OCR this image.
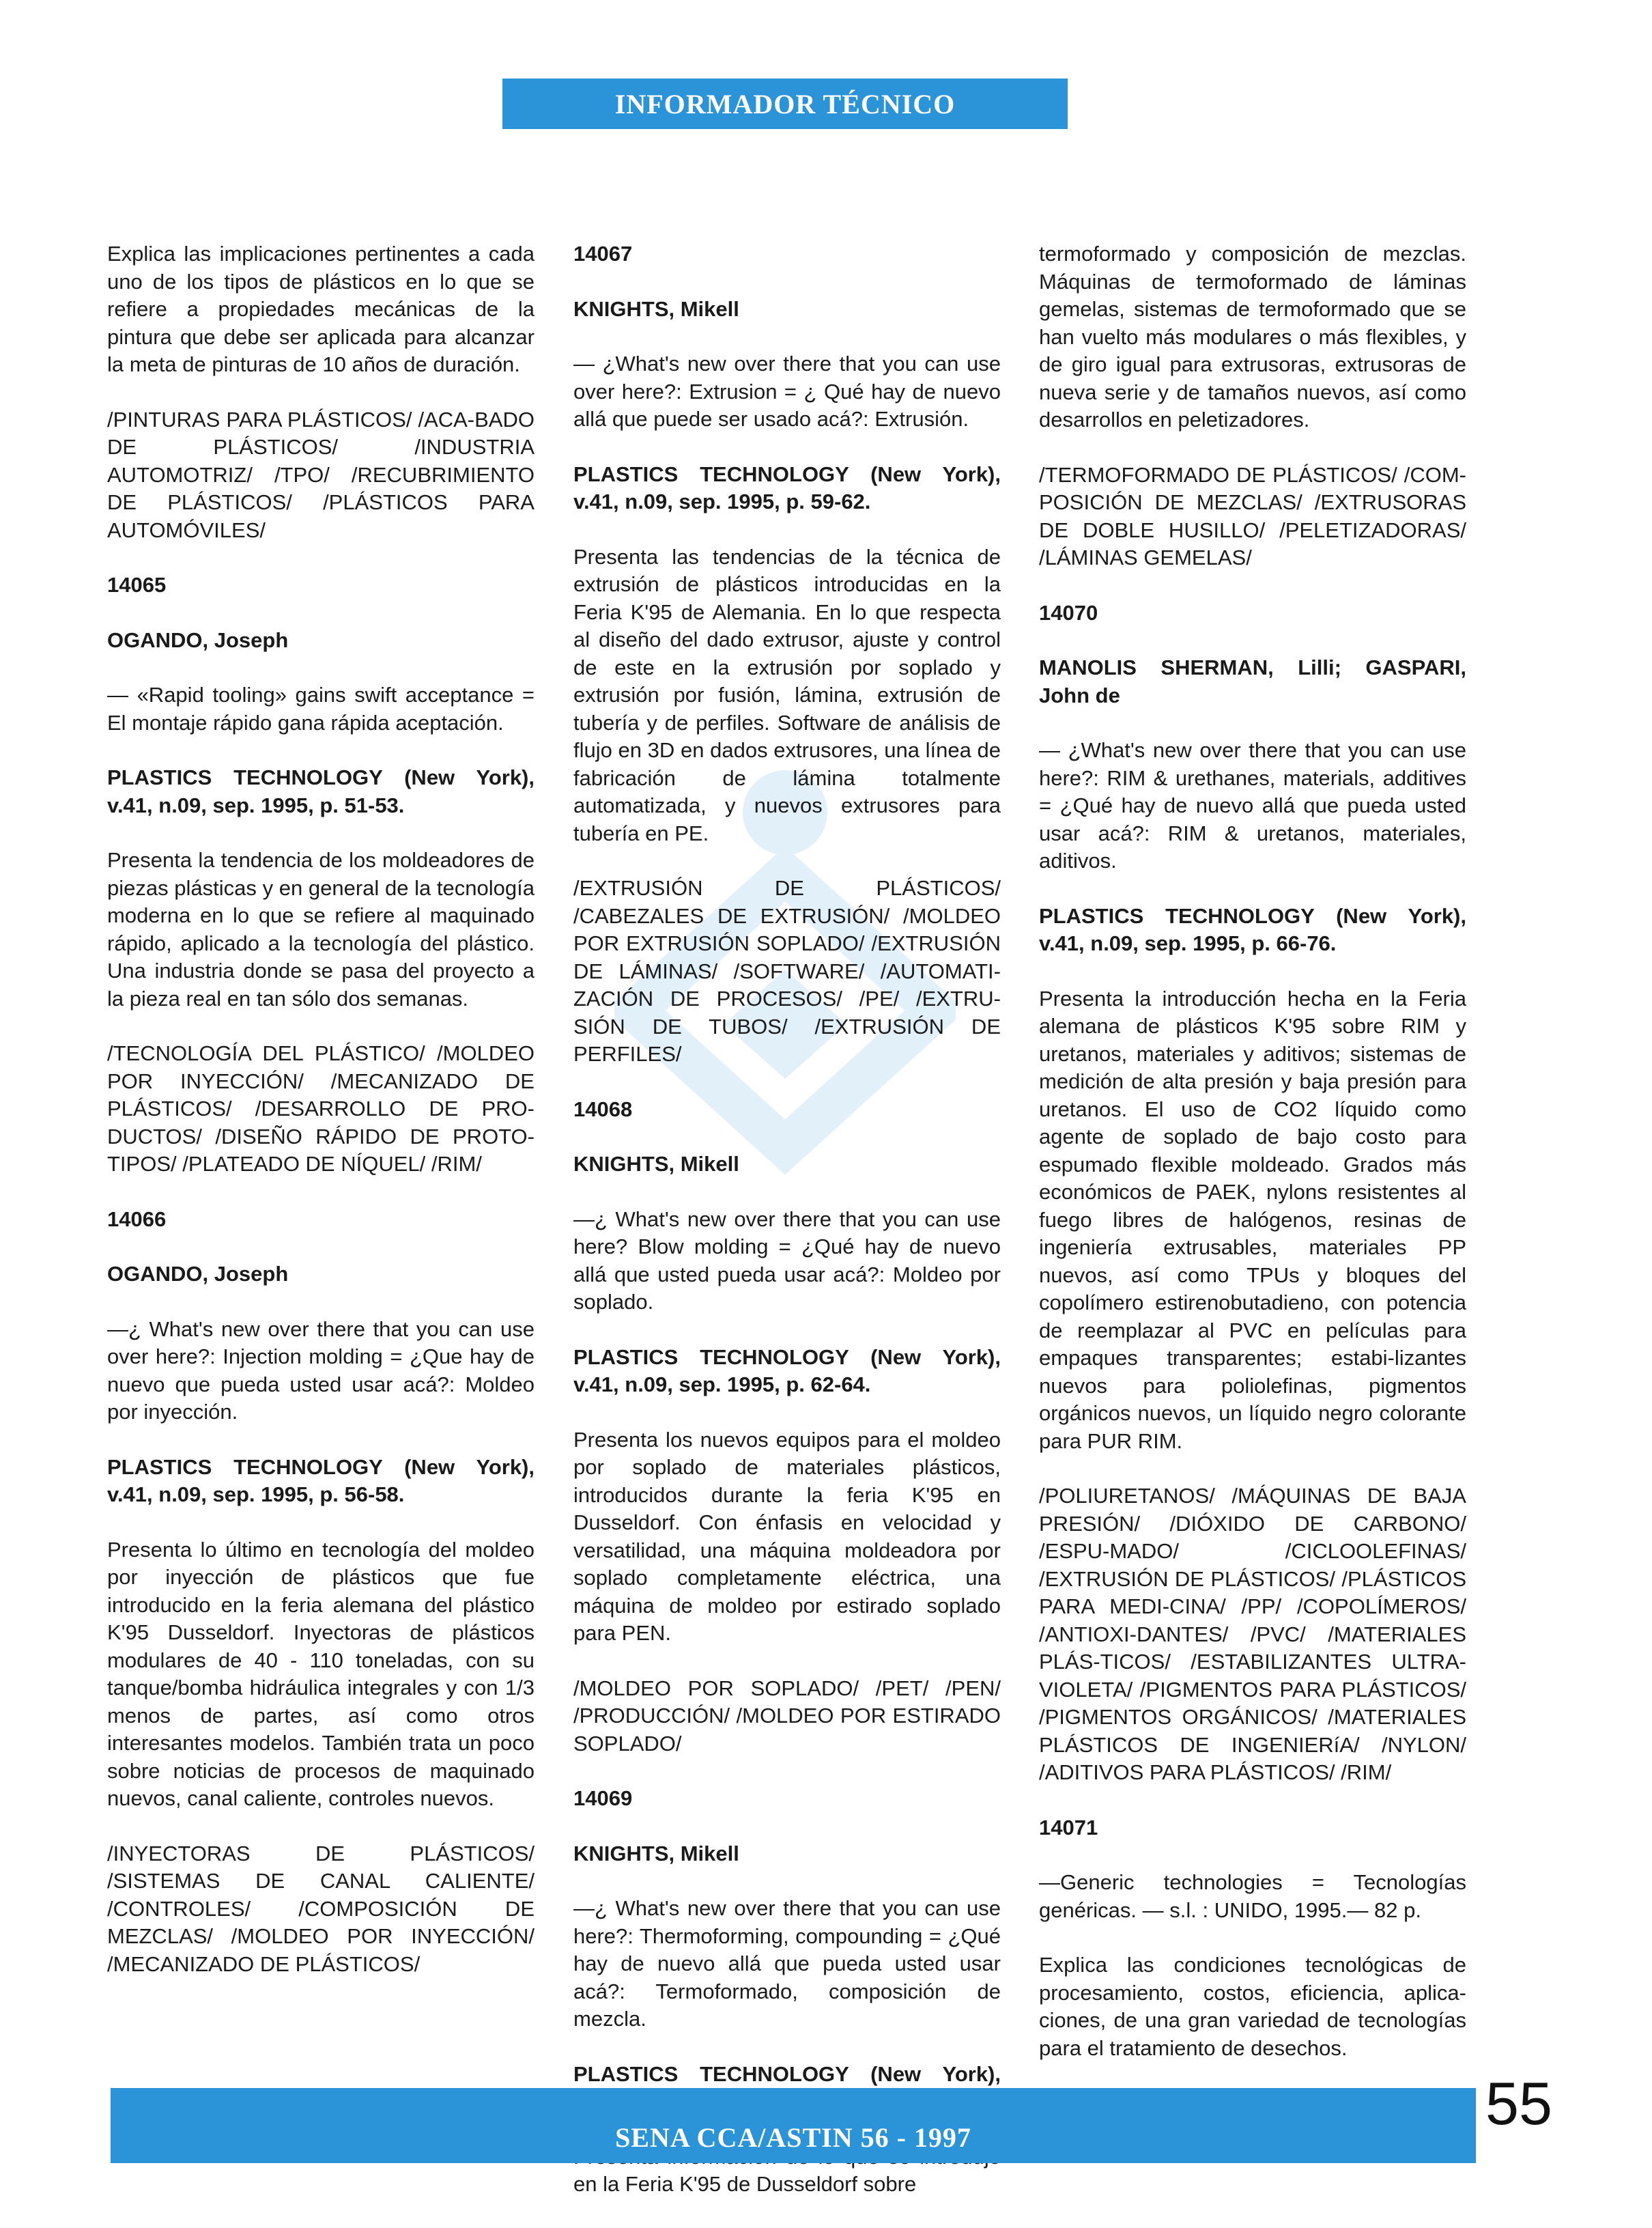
INFORMADOR TÉCNICO

Explica las implicaciones pertinentes a cada uno de los tipos de plásticos en lo que se refiere a propiedades mecánicas de la pintura que debe ser aplicada para alcanzar la meta de pinturas de 10 años de duración.

/PINTURAS PARA PLÁSTICOS/ /ACA-BADO DE PLÁSTICOS/ /INDUSTRIA AUTOMOTRIZ/ /TPO/ /RECUBRIMIENTO DE PLÁSTICOS/ /PLÁSTICOS PARA AUTOMÓVILES/

14065

OGANDO, Joseph

— «Rapid tooling» gains swift acceptance = El montaje rápido gana rápida aceptación.

PLASTICS TECHNOLOGY (New York), v.41, n.09, sep. 1995, p. 51-53.

Presenta la tendencia de los moldeadores de piezas plásticas y en general de la tecnología moderna en lo que se refiere al maquinado rápido, aplicado a la tecnología del plástico. Una industria donde se pasa del proyecto a la pieza real en tan sólo dos semanas.

/TECNOLOGÍA DEL PLÁSTICO/ /MOLDEO POR INYECCIÓN/ /MECANIZADO DE PLÁSTICOS/ /DESARROLLO DE PRO-DUCTOS/ /DISEÑO RÁPIDO DE PROTO-TIPOS/ /PLATEADO DE NÍQUEL/ /RIM/

14066

OGANDO, Joseph

—¿ What's new over there that you can use over here?: Injection molding = ¿Que hay de nuevo que pueda usted usar acá?: Moldeo por inyección.

PLASTICS TECHNOLOGY (New York), v.41, n.09, sep. 1995, p. 56-58.

Presenta lo último en tecnología del moldeo por inyección de plásticos que fue introducido en la feria alemana del plástico K'95 Dusseldorf. Inyectoras de plásticos modulares de 40 - 110 toneladas, con su tanque/bomba hidráulica integrales y con 1/3 menos de partes, así como otros interesantes modelos. También trata un poco sobre noticias de procesos de maquinado nuevos, canal caliente, controles nuevos.

/INYECTORAS DE PLÁSTICOS/ /SISTEMAS DE CANAL CALIENTE/ /CONTROLES/ /COMPOSICIÓN DE MEZCLAS/ /MOLDEO POR INYECCIÓN/ /MECANIZADO DE PLÁSTICOS/

14067

KNIGHTS, Mikell

— ¿What's new over there that you can use over here?: Extrusion = ¿ Qué hay de nuevo allá que puede ser usado acá?: Extrusión.

PLASTICS TECHNOLOGY (New York), v.41, n.09, sep. 1995, p. 59-62.

Presenta las tendencias de la técnica de extrusión de plásticos introducidas en la Feria K'95 de Alemania. En lo que respecta al diseño del dado extrusor, ajuste y control de este en la extrusión por soplado y extrusión por fusión, lámina, extrusión de tubería y de perfiles. Software de análisis de flujo en 3D en dados extrusores, una línea de fabricación de lámina totalmente automatizada, y nuevos extrusores para tubería en PE.

/EXTRUSIÓN DE PLÁSTICOS/ /CABEZALES DE EXTRUSIÓN/ /MOLDEO POR EXTRUSIÓN SOPLADO/ /EXTRUSIÓN DE LÁMINAS/ /SOFTWARE/ /AUTOMATI-ZACIÓN DE PROCESOS/ /PE/ /EXTRU-SIÓN DE TUBOS/ /EXTRUSIÓN DE PERFILES/

14068

KNIGHTS, Mikell

—¿ What's new over there that you can use here? Blow molding = ¿Qué hay de nuevo allá que usted pueda usar acá?: Moldeo por soplado.

PLASTICS TECHNOLOGY (New York), v.41, n.09, sep. 1995, p. 62-64.

Presenta los nuevos equipos para el moldeo por soplado de materiales plásticos, introducidos durante la feria K'95 en Dusseldorf. Con énfasis en velocidad y versatilidad, una máquina moldeadora por soplado completamente eléctrica, una máquina de moldeo por estirado soplado para PEN.

/MOLDEO POR SOPLADO/ /PET/ /PEN/ /PRODUCCIÓN/ /MOLDEO POR ESTIRADO SOPLADO/

14069

KNIGHTS, Mikell

—¿ What's new over there that you can use here?: Thermoforming, compounding = ¿Qué hay de nuevo allá que pueda usted usar acá?: Termoformado, composición de mezcla.

PLASTICS TECHNOLOGY (New York),

en la Feria K'95 de Dusseldorf sobre

termoformado y composición de mezclas. Máquinas de termoformado de láminas gemelas, sistemas de termoformado que se han vuelto más modulares o más flexibles, y de giro igual para extrusoras, extrusoras de nueva serie y de tamaños nuevos, así como desarrollos en peletizadores.

/TERMOFORMADO DE PLÁSTICOS/ /COM-POSICIÓN DE MEZCLAS/ /EXTRUSORAS DE DOBLE HUSILLO/ /PELETIZADORAS/ /LÁMINAS GEMELAS/

14070

MANOLIS SHERMAN, Lilli; GASPARI, John de

— ¿What's new over there that you can use here?: RIM & urethanes, materials, additives = ¿Qué hay de nuevo allá que pueda usted usar acá?: RIM & uretanos, materiales, aditivos.

PLASTICS TECHNOLOGY (New York), v.41, n.09, sep. 1995, p. 66-76.

Presenta la introducción hecha en la Feria alemana de plásticos K'95 sobre RIM y uretanos, materiales y aditivos; sistemas de medición de alta presión y baja presión para uretanos. El uso de CO2 líquido como agente de soplado de bajo costo para espumado flexible moldeado. Grados más económicos de PAEK, nylons resistentes al fuego libres de halógenos, resinas de ingeniería extrusables, materiales PP nuevos, así como TPUs y bloques del copolímero estirenobutadieno, con potencia de reemplazar al PVC en películas para empaques transparentes; estabi-lizantes nuevos para poliolefinas, pigmentos orgánicos nuevos, un líquido negro colorante para PUR RIM.

/POLIURETANOS/ /MÁQUINAS DE BAJA PRESIÓN/ /DIÓXIDO DE CARBONO/ /ESPU-MADO/ /CICLOOLEFINAS/ /EXTRUSIÓN DE PLÁSTICOS/ /PLÁSTICOS PARA MEDI-CINA/ /PP/ /COPOLÍMEROS/ /ANTIOXI-DANTES/ /PVC/ /MATERIALES PLÁS-TICOS/ /ESTABILIZANTES ULTRA-VIOLETA/ /PIGMENTOS PARA PLÁSTICOS/ /PIGMENTOS ORGÁNICOS/ /MATERIALES PLÁSTICOS DE INGENIERíA/ /NYLON/ /ADITIVOS PARA PLÁSTICOS/ /RIM/

14071

—Generic technologies = Tecnologías genéricas. — s.l. : UNIDO, 1995.— 82 p.

Explica las condiciones tecnológicas de procesamiento, costos, eficiencia, aplica-ciones, de una gran variedad de tecnologías para el tratamiento de desechos.

SENA CCA/ASTIN 56 - 1997
55
